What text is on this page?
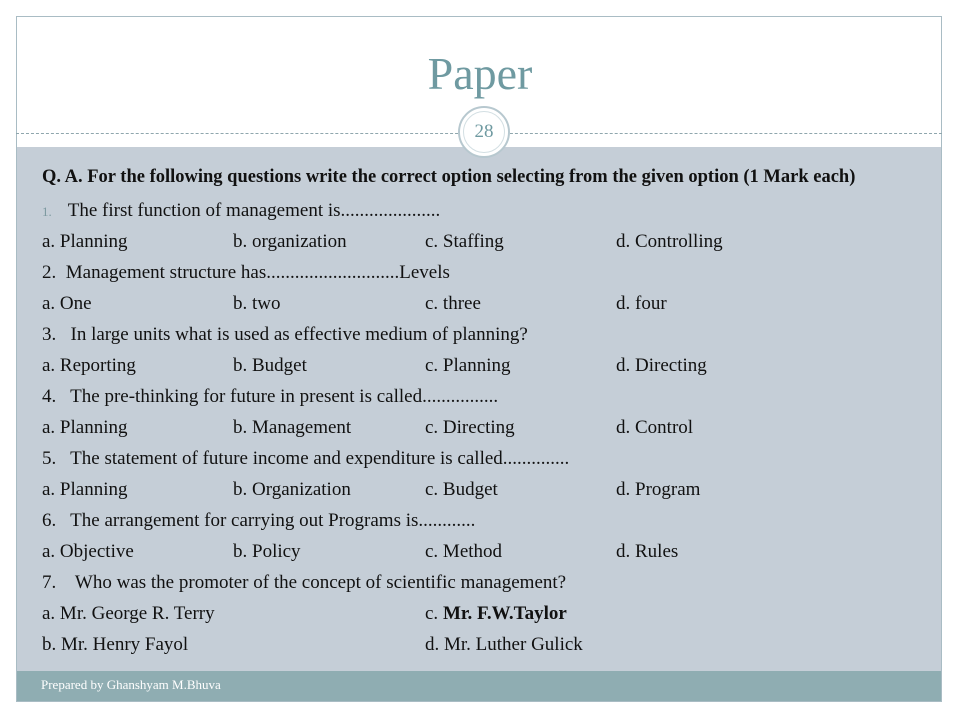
Paper
28

Q. A. For the following questions write the correct option selecting from the given option (1 Mark each)

1. The first function of management is.....................
a. Planning	b. organization	c. Staffing	d. Controlling
2. Management structure has............................Levels
a. One	b. two	c. three	d. four
3. In large units what is used as effective medium of planning?
a. Reporting	b. Budget	c. Planning	d. Directing
4. The pre-thinking for future in present is called................
a. Planning	b. Management	c. Directing	d. Control
5. The statement of future income and expenditure is called..............
a. Planning	b. Organization	c. Budget	d. Program
6. The arrangement for carrying out Programs is............
a. Objective	b. Policy	c. Method	d. Rules
7. Who was the promoter of the concept of scientific management?
a. Mr. George R. Terry	c. Mr. F.W.Taylor
b. Mr. Henry Fayol	d. Mr. Luther Gulick
Prepared by Ghanshyam M.Bhuva
